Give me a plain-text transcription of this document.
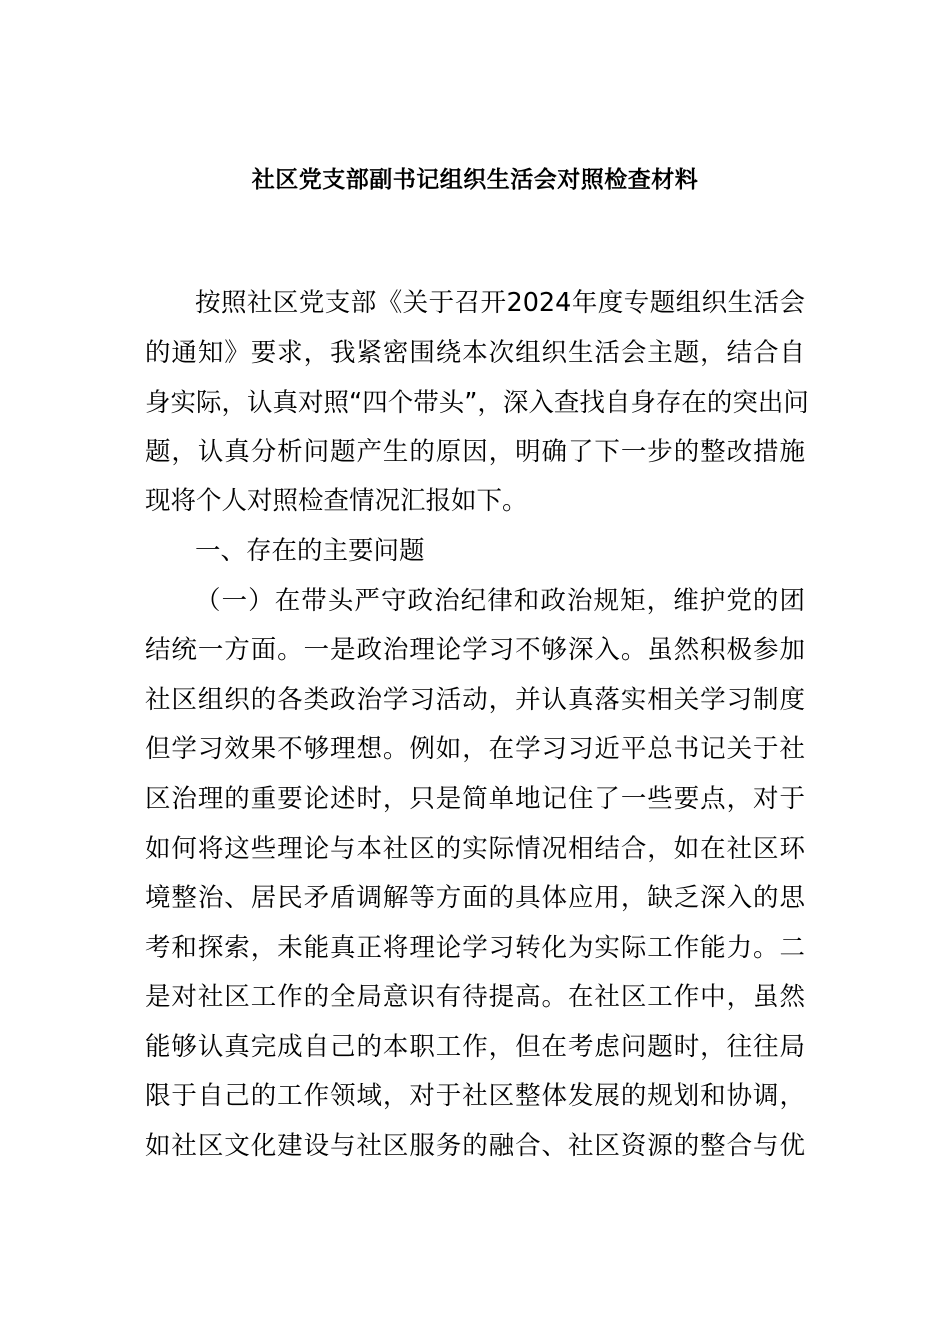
社区党支部副书记组织生活会对照检查材料
按照社区党支部《关于召开2024年度专题组织生活会
的通知》要求，我紧密围绕本次组织生活会主题，结合自
身实际，认真对照“四个带头”，深入查找自身存在的突出问
题，认真分析问题产生的原因，明确了下一步的整改措施
现将个人对照检查情况汇报如下。
一、存在的主要问题
（一）在带头严守政治纪律和政治规矩，维护党的团
结统一方面。一是政治理论学习不够深入。虽然积极参加
社区组织的各类政治学习活动，并认真落实相关学习制度
但学习效果不够理想。例如，在学习习近平总书记关于社
区治理的重要论述时，只是简单地记住了一些要点，对于
如何将这些理论与本社区的实际情况相结合，如在社区环
境整治、居民矛盾调解等方面的具体应用，缺乏深入的思
考和探索，未能真正将理论学习转化为实际工作能力。二
是对社区工作的全局意识有待提高。在社区工作中，虽然
能够认真完成自己的本职工作，但在考虑问题时，往往局
限于自己的工作领域，对于社区整体发展的规划和协调，
如社区文化建设与社区服务的融合、社区资源的整合与优
